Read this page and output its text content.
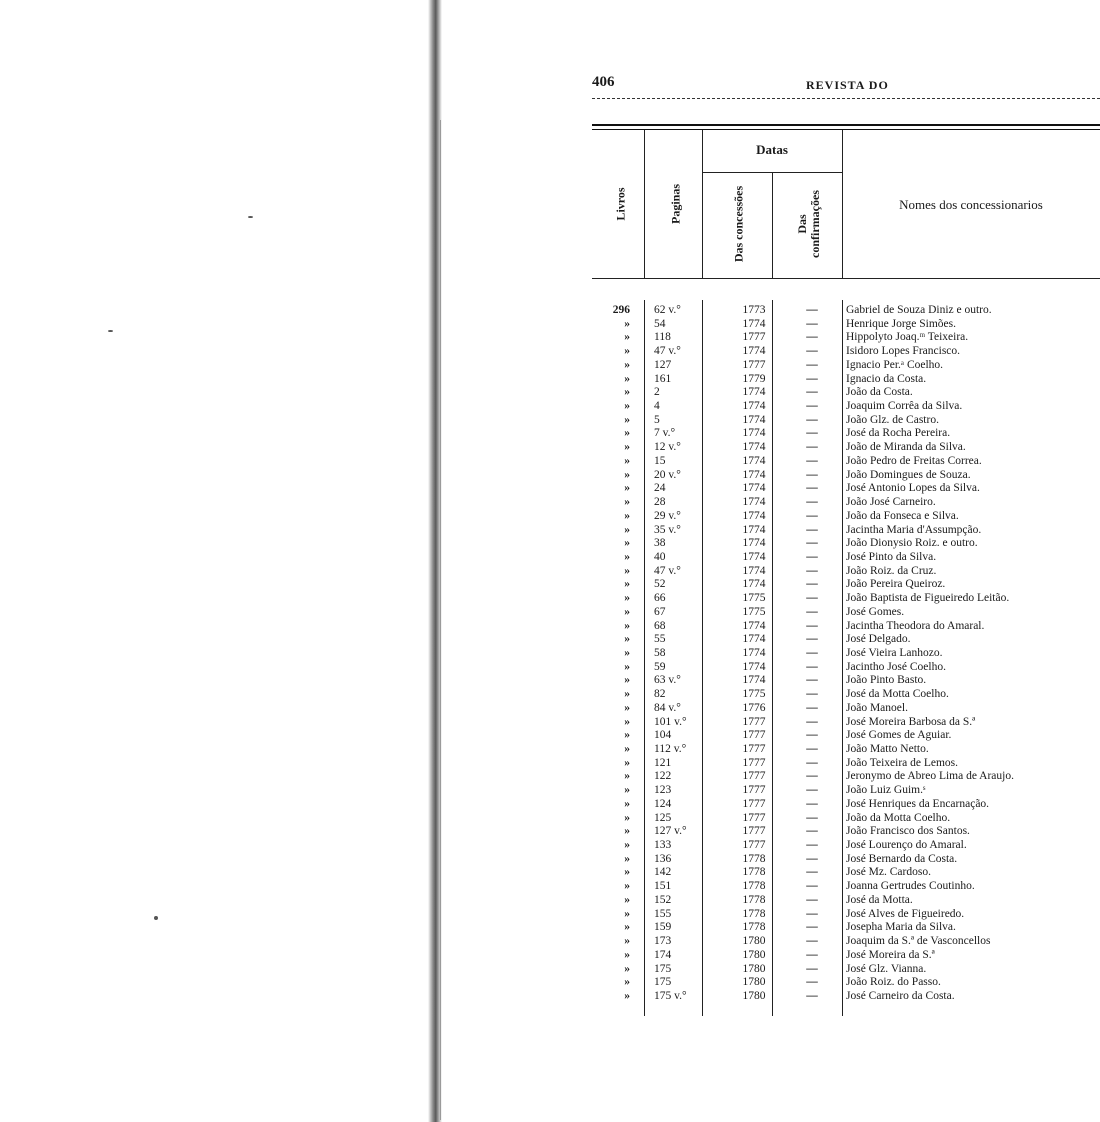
406	REVISTA DO
Livros	Paginas
Datas
Das concessões	Das confirmações	Nomes dos concessionarios
296 62 v.°	1773	—	Gabriel de Souza Diniz e outro.
» 54	1774	—	Henrique Jorge Simões.
» 118	1777	—	Hippolyto Joaq.ᵐ Teixeira.
» 47 v.°	1774	—	Isidoro Lopes Francisco.
» 127	1777	—	Ignacio Per.ᵃ Coelho.
» 161	1779	—	Ignacio da Costa.
» 2	1774	—	João da Costa.
» 4	1774	—	Joaquim Corrêa da Silva.
» 5	1774	—	João Glz. de Castro.
» 7 v.°	1774	—	José da Rocha Pereira.
» 12 v.°	1774	—	João de Miranda da Silva.
» 15	1774	—	João Pedro de Freitas Correa.
» 20 v.°	1774	—	João Domingues de Souza.
» 24	1774	—	José Antonio Lopes da Silva.
» 28	1774	—	João José Carneiro.
» 29 v.°	1774	—	João da Fonseca e Silva.
» 35 v.°	1774	—	Jacintha Maria d'Assumpção.
» 38	1774	—	João Dionysio Roiz. e outro.
» 40	1774	—	José Pinto da Silva.
» 47 v.°	1774	—	João Roiz. da Cruz.
» 52	1774	—	João Pereira Queiroz.
» 66	1775	—	João Baptista de Figueiredo Leitão.
» 67	1775	—	José Gomes.
» 68	1774	—	Jacintha Theodora do Amaral.
» 55	1774	—	José Delgado.
» 58	1774	—	José Vieira Lanhozo.
» 59	1774	—	Jacintho José Coelho.
» 63 v.°	1774	—	João Pinto Basto.
» 82	1775	—	José da Motta Coelho.
» 84 v.°	1776	—	João Manoel.
» 101 v.°	1777	—	José Moreira Barbosa da S.ª
» 104	1777	—	José Gomes de Aguiar.
» 112 v.°	1777	—	João Matto Netto.
» 121	1777	—	João Teixeira de Lemos.
» 122	1777	—	Jeronymo de Abreo Lima de Araujo.
» 123	1777	—	João Luiz Guim.ˢ
» 124	1777	—	José Henriques da Encarnação.
» 125	1777	—	João da Motta Coelho.
» 127 v.°	1777	—	João Francisco dos Santos.
» 133	1777	—	José Lourenço do Amaral.
» 136	1778	—	José Bernardo da Costa.
» 142	1778	—	José Mz. Cardoso.
» 151	1778	—	Joanna Gertrudes Coutinho.
» 152	1778	—	José da Motta.
» 155	1778	—	José Alves de Figueiredo.
» 159	1778	—	Josepha Maria da Silva.
» 173	1780	—	Joaquim da S.ª de Vasconcellos
» 174	1780	—	José Moreira da S.ª
» 175	1780	—	José Glz. Vianna.
» 175	1780	—	João Roiz. do Passo.
» 175 v.°	1780	—	José Carneiro da Costa.
